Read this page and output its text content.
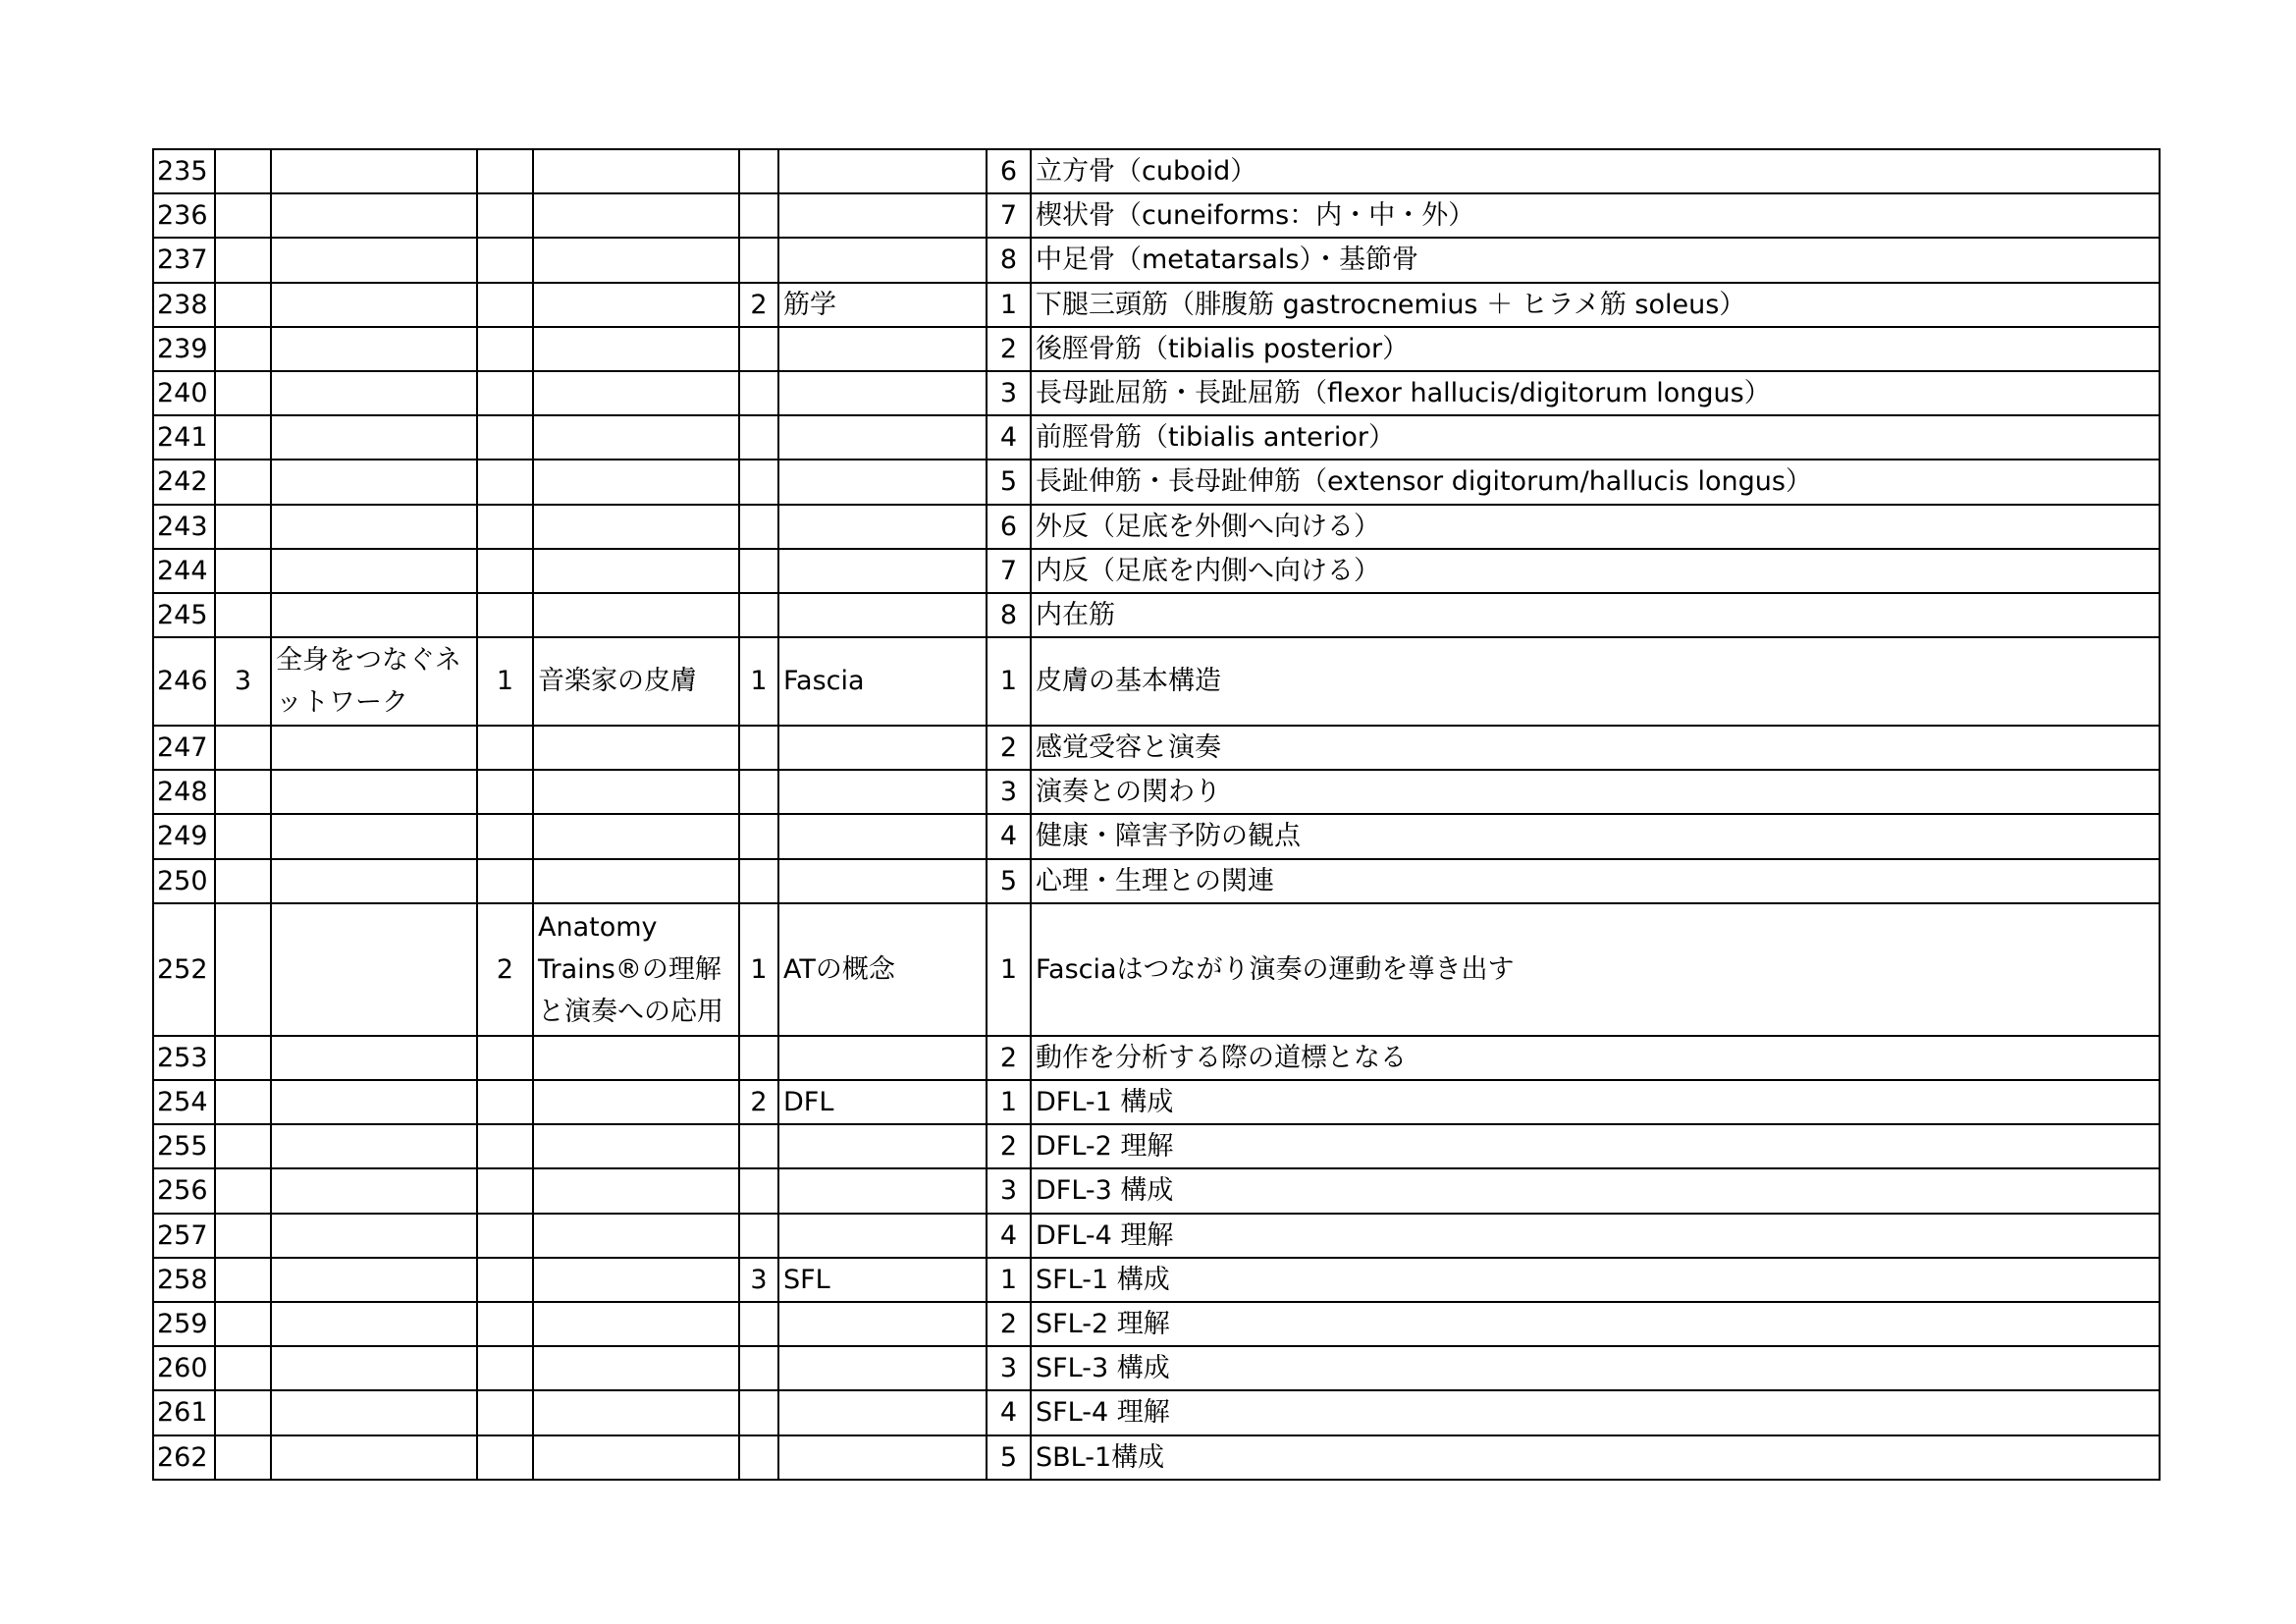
235							6	立方骨（cuboid）
236							7	楔状骨（cuneiforms：内・中・外）
237							8	中足骨（metatarsals）・基節骨
238					2	筋学	1	下腿三頭筋（腓腹筋 gastrocnemius ＋ ヒラメ筋 soleus）
239							2	後脛骨筋（tibialis posterior）
240							3	長母趾屈筋・長趾屈筋（flexor hallucis/digitorum longus）
241							4	前脛骨筋（tibialis anterior）
242							5	長趾伸筋・長母趾伸筋（extensor digitorum/hallucis longus）
243							6	外反（足底を外側へ向ける）
244							7	内反（足底を内側へ向ける）
245							8	内在筋
246	3	全身をつなぐネットワーク	1	音楽家の皮膚	1	Fascia	1	皮膚の基本構造
247							2	感覚受容と演奏
248							3	演奏との関わり
249							4	健康・障害予防の観点
250							5	心理・生理との関連
252			2	Anatomy Trains®の理解と演奏への応用	1	ATの概念	1	Fasciaはつながり演奏の運動を導き出す
253							2	動作を分析する際の道標となる
254					2	DFL	1	DFL-1 構成
255							2	DFL-2 理解
256							3	DFL-3 構成
257							4	DFL-4 理解
258					3	SFL	1	SFL-1 構成
259							2	SFL-2 理解
260							3	SFL-3 構成
261							4	SFL-4 理解
262							5	SBL-1構成
